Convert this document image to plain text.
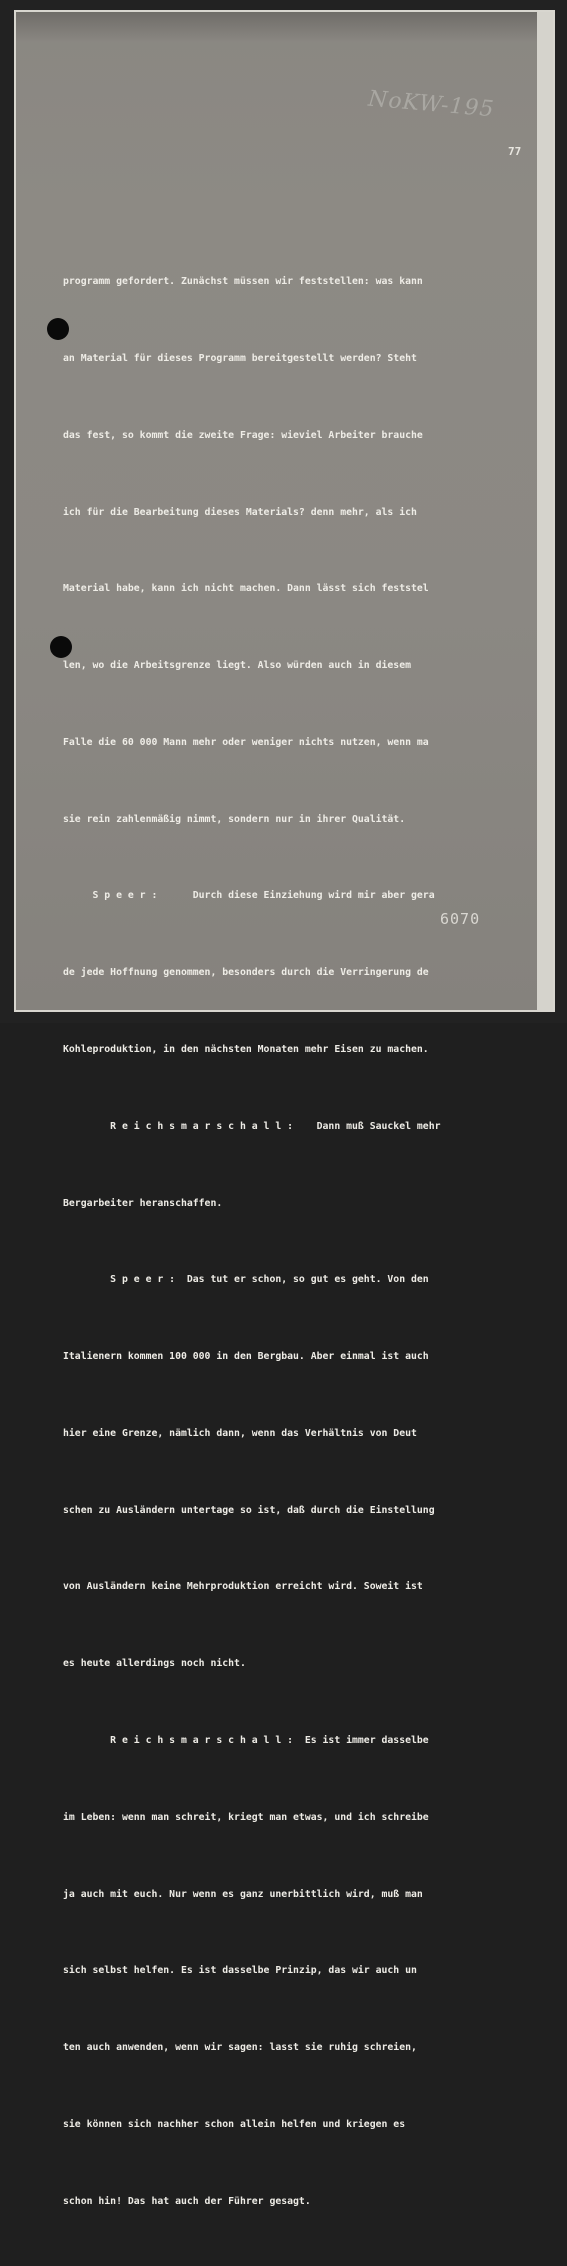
NoKW-195
77

programm gefordert. Zunächst müssen wir feststellen: was kann

an Material für dieses Programm bereitgestellt werden? Steht

das fest, so kommt die zweite Frage: wieviel Arbeiter brauche

ich für die Bearbeitung dieses Materials? denn mehr, als ich

Material habe, kann ich nicht machen. Dann lässt sich feststel

len, wo die Arbeitsgrenze liegt. Also würden auch in diesem

Falle die 60 000 Mann mehr oder weniger nichts nutzen, wenn ma

sie rein zahlenmäßig nimmt, sondern nur in ihrer Qualität.

S p e e r :      Durch diese Einziehung wird mir aber gera

de jede Hoffnung genommen, besonders durch die Verringerung de

Kohleproduktion, in den nächsten Monaten mehr Eisen zu machen.

R e i c h s m a r s c h a l l :    Dann muß Sauckel mehr

Bergarbeiter heranschaffen.

S p e e r :  Das tut er schon, so gut es geht. Von den

Italienern kommen 100 000 in den Bergbau. Aber einmal ist auch

hier eine Grenze, nämlich dann, wenn das Verhältnis von Deut

schen zu Ausländern untertage so ist, daß durch die Einstellung

von Ausländern keine Mehrproduktion erreicht wird. Soweit ist

es heute allerdings noch nicht.

R e i c h s m a r s c h a l l :  Es ist immer dasselbe

im Leben: wenn man schreit, kriegt man etwas, und ich schreibe

ja auch mit euch. Nur wenn es ganz unerbittlich wird, muß man

sich selbst helfen. Es ist dasselbe Prinzip, das wir auch un

ten auch anwenden, wenn wir sagen: lasst sie ruhig schreien,

sie können sich nachher schon allein helfen und kriegen es

schon hin! Das hat auch der Führer gesagt.

6070
